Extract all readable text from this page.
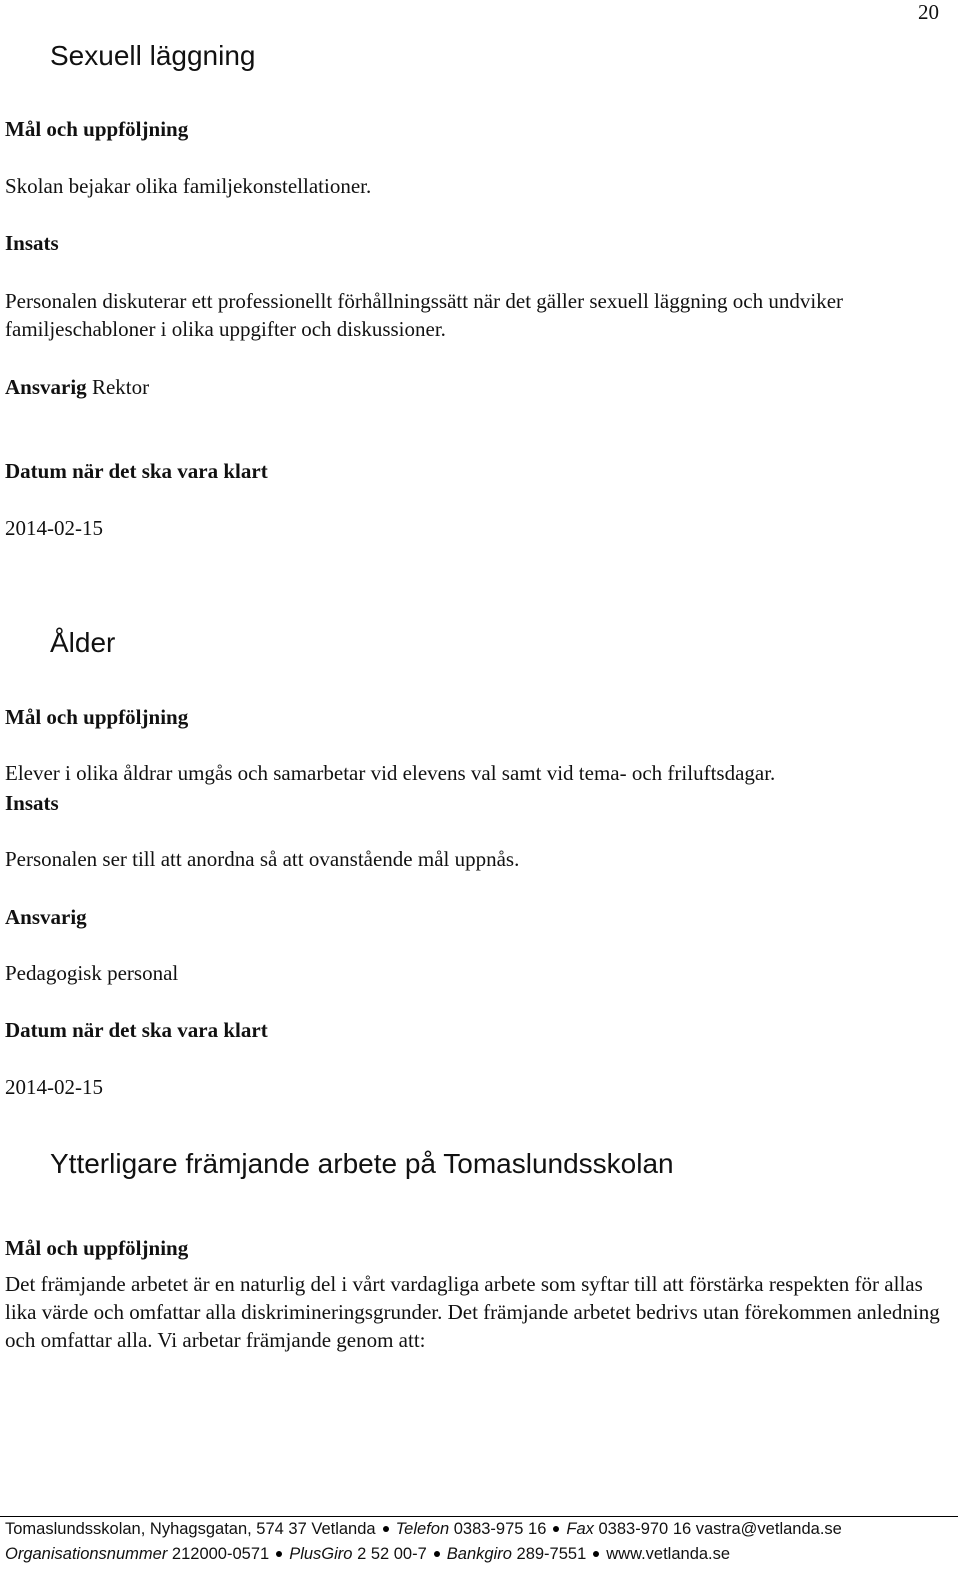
20
Sexuell läggning
Mål och uppföljning
Skolan bejakar olika familjekonstellationer.
Insats
Personalen diskuterar ett professionellt förhållningssätt när det gäller sexuell läggning och undviker familjeschabloner i olika uppgifter och diskussioner.
Ansvarig Rektor
Datum när det ska vara klart
2014-02-15
Ålder
Mål och uppföljning
Elever i olika åldrar umgås och samarbetar vid elevens val samt vid tema- och friluftsdagar.
Insats
Personalen ser till att anordna så att ovanstående mål uppnås.
Ansvarig
Pedagogisk personal
Datum när det ska vara klart
2014-02-15
Ytterligare främjande arbete på Tomaslundsskolan
Mål och uppföljning
Det främjande arbetet är en naturlig del i vårt vardagliga arbete som syftar till att förstärka respekten för allas lika värde och omfattar alla diskrimineringsgrunder. Det främjande arbetet bedrivs utan förekommen anledning och omfattar alla. Vi arbetar främjande genom att:
Tomaslundsskolan, Nyhagsgatan, 574 37 Vetlanda Telefon 0383-975 16 Fax 0383-970 16 vastra@vetlanda.se
Organisationsnummer 212000-0571 PlusGiro 2 52 00-7 Bankgiro 289-7551 www.vetlanda.se
